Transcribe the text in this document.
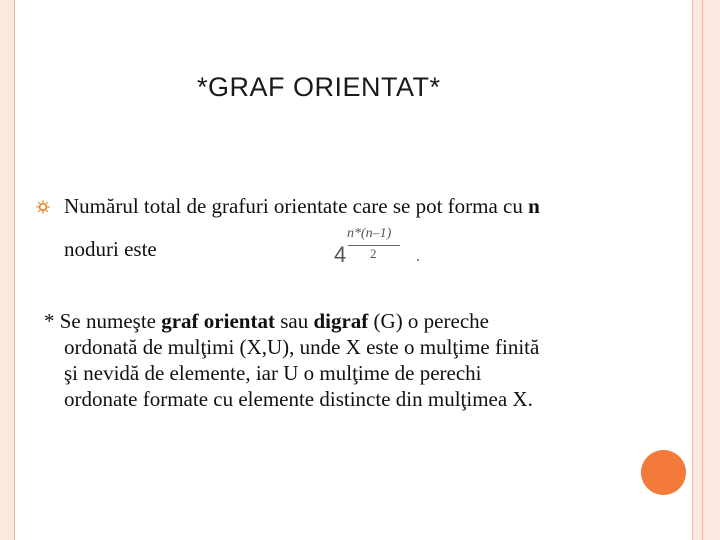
*GRAF ORIENTAT*
Numărul total de grafuri orientate care se pot forma cu n
noduri este	4
n*(n–1)
2 .
* Se numeşte graf orientat sau digraf (G) o pereche
ordonată de mulţimi (X,U), unde X este o mulţime finită
şi nevidă de elemente, iar U o mulţime de perechi
ordonate formate cu elemente distincte din mulţimea X.
